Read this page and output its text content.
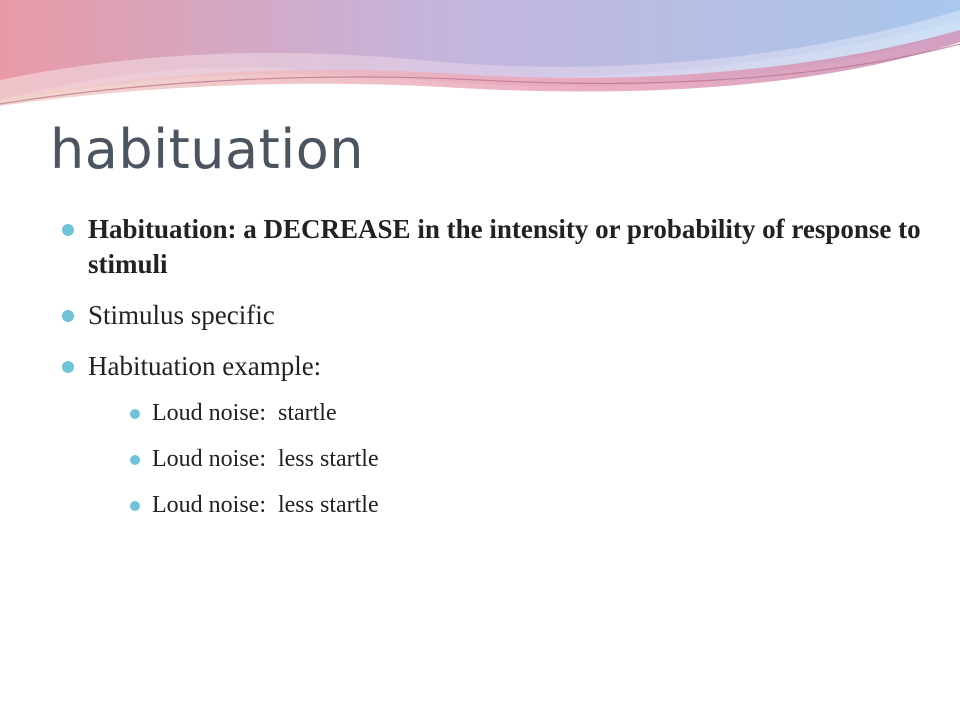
habituation
Habituation: a DECREASE in the intensity or probability of response to stimuli
Stimulus specific
Habituation example:
Loud noise:  startle
Loud noise:  less startle
Loud noise:  less startle
